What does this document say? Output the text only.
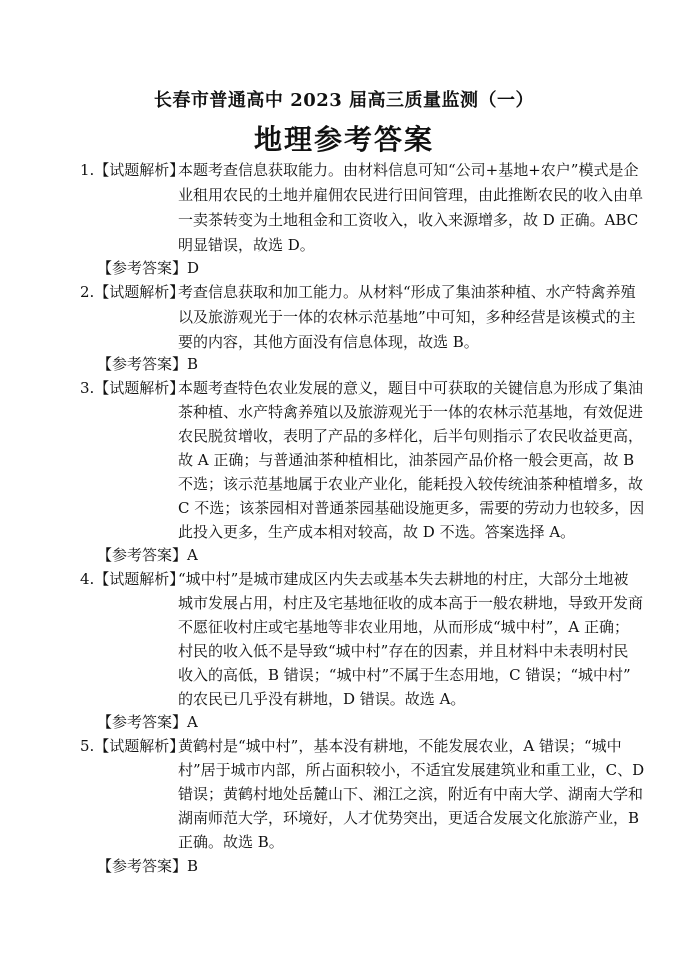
长春市普通高中 2023 届高三质量监测（一）
地理参考答案
1.【试题解析】
本题考查信息获取能力。由材料信息可知“公司+基地+农户”模式是企
业租用农民的土地并雇佣农民进行田间管理，由此推断农民的收入由单
一卖茶转变为土地租金和工资收入，收入来源增多，故 D 正确。ABC
明显错误，故选 D。
【参考答案】D
2.【试题解析】
考查信息获取和加工能力。从材料“形成了集油茶种植、水产特禽养殖
以及旅游观光于一体的农林示范基地”中可知，多种经营是该模式的主
要的内容，其他方面没有信息体现，故选 B。
【参考答案】B
3.【试题解析】
本题考查特色农业发展的意义，题目中可获取的关键信息为形成了集油
茶种植、水产特禽养殖以及旅游观光于一体的农林示范基地，有效促进
农民脱贫增收，表明了产品的多样化，后半句则指示了农民收益更高，
故 A 正确；与普通油茶种植相比，油茶园产品价格一般会更高，故 B
不选；该示范基地属于农业产业化，能耗投入较传统油茶种植增多，故
C 不选；该茶园相对普通茶园基础设施更多，需要的劳动力也较多，因
此投入更多，生产成本相对较高，故 D 不选。答案选择 A。
【参考答案】A
4.【试题解析】
“城中村”是城市建成区内失去或基本失去耕地的村庄，大部分土地被
城市发展占用，村庄及宅基地征收的成本高于一般农耕地，导致开发商
不愿征收村庄或宅基地等非农业用地，从而形成“城中村”，A 正确；
村民的收入低不是导致“城中村”存在的因素，并且材料中未表明村民
收入的高低，B 错误；“城中村”不属于生态用地，C 错误；“城中村”
的农民已几乎没有耕地，D 错误。故选 A。
【参考答案】A
5.【试题解析】
黄鹤村是“城中村”，基本没有耕地，不能发展农业，A 错误；“城中
村”居于城市内部，所占面积较小，不适宜发展建筑业和重工业，C、D
错误；黄鹤村地处岳麓山下、湘江之滨，附近有中南大学、湖南大学和
湖南师范大学，环境好，人才优势突出，更适合发展文化旅游产业，B
正确。故选 B。
【参考答案】B
